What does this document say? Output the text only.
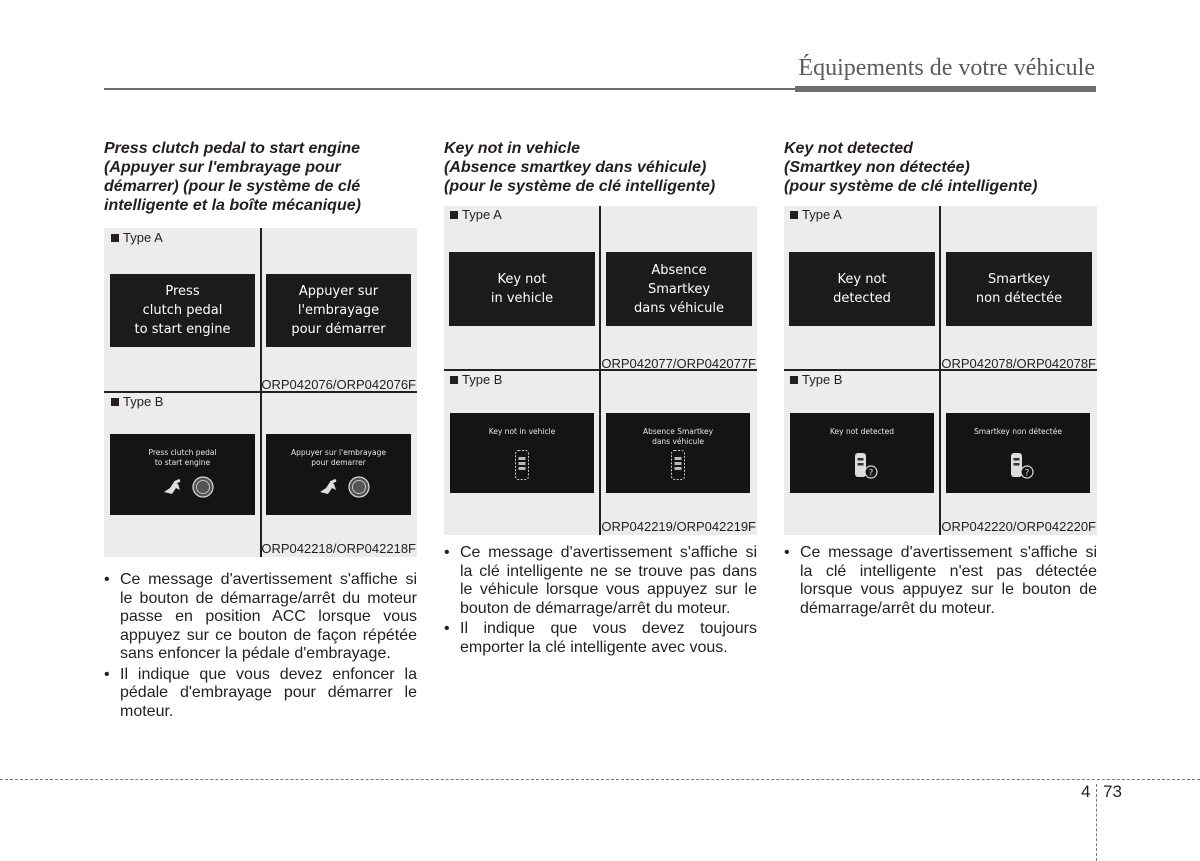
Équipements de votre véhicule
Press clutch pedal to start engine
(Appuyer sur l'embrayage pour
démarrer) (pour le système de clé
intelligente et la boîte mécanique)
Type A
Press
clutch pedal
to start engine
Appuyer sur
l'embrayage
pour démarrer
ORP042076/ORP042076F
Type B

Press clutch pedal
to start engine

Appuyer sur l'embrayage
pour demarrer

ORP042218/ORP042218F
• Ce message d'avertissement s'affiche si le bouton de démarrage/arrêt du moteur passe en position ACC lorsque vous appuyez sur ce bouton de façon répétée sans enfoncer la pédale d'embrayage.
• Il indique que vous devez enfoncer la pédale d'embrayage pour démarrer le moteur.
Key not in vehicle
(Absence smartkey dans véhicule)
(pour le système de clé intelligente)
Type A
Key not
in vehicle
Absence
Smartkey
dans véhicule
ORP042077/ORP042077F
Type B

Key not in vehicle	Absence Smartkey
dans véhicule

ORP042219/ORP042219F
• Ce message d'avertissement s'affiche si la clé intelligente ne se trouve pas dans le véhicule lorsque vous appuyez sur le bouton de démarrage/arrêt du moteur.
• Il indique que vous devez toujours emporter la clé intelligente avec vous.
Key not detected
(Smartkey non détectée)
(pour système de clé intelligente)
Type A
Key not
detected
Smartkey
non détectée
ORP042078/ORP042078F
Type B

Key not detected

?

Smartkey non détectée

?

ORP042220/ORP042220F
• Ce message d'avertissement s'affiche si la clé intelligente n'est pas détectée lorsque vous appuyez sur le bouton de démarrage/arrêt du moteur.
4 73
